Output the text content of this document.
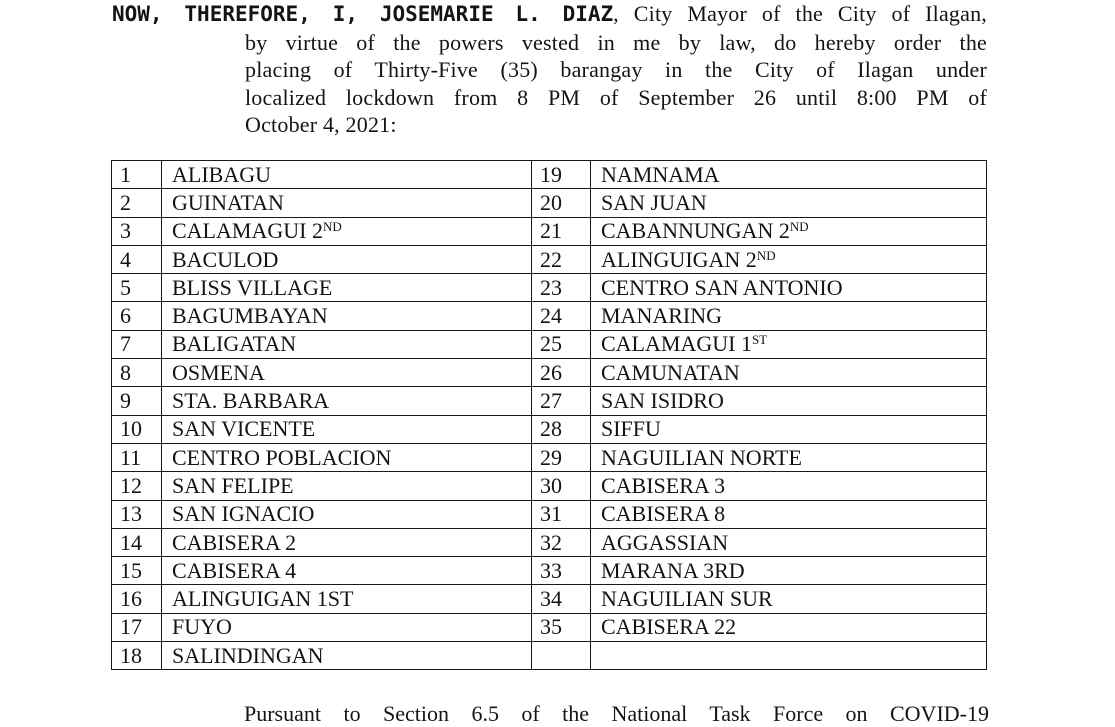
NOW, THEREFORE, I, JOSEMARIE L. DIAZ, City Mayor of the City of Ilagan,
by virtue of the powers vested in me by law, do hereby order the
placing of Thirty-Five (35) barangay in the City of Ilagan under
localized lockdown from 8 PM of September 26 until 8:00 PM of
October 4, 2021:
1	ALIBAGU	19	NAMNAMA
2	GUINATAN	20	SAN JUAN
3	CALAMAGUI 2ND	21	CABANNUNGAN 2ND
4	BACULOD	22	ALINGUIGAN 2ND
5	BLISS VILLAGE	23	CENTRO SAN ANTONIO
6	BAGUMBAYAN	24	MANARING
7	BALIGATAN	25	CALAMAGUI 1ST
8	OSMENA	26	CAMUNATAN
9	STA. BARBARA	27	SAN ISIDRO
10	SAN VICENTE	28	SIFFU
11	CENTRO POBLACION	29	NAGUILIAN NORTE
12	SAN FELIPE	30	CABISERA 3
13	SAN IGNACIO	31	CABISERA 8
14	CABISERA 2	32	AGGASSIAN
15	CABISERA 4	33	MARANA 3RD
16	ALINGUIGAN 1ST	34	NAGUILIAN SUR
17	FUYO	35	CABISERA 22
18	SALINDINGAN		
Pursuant to Section 6.5 of the National Task Force on COVID-19
